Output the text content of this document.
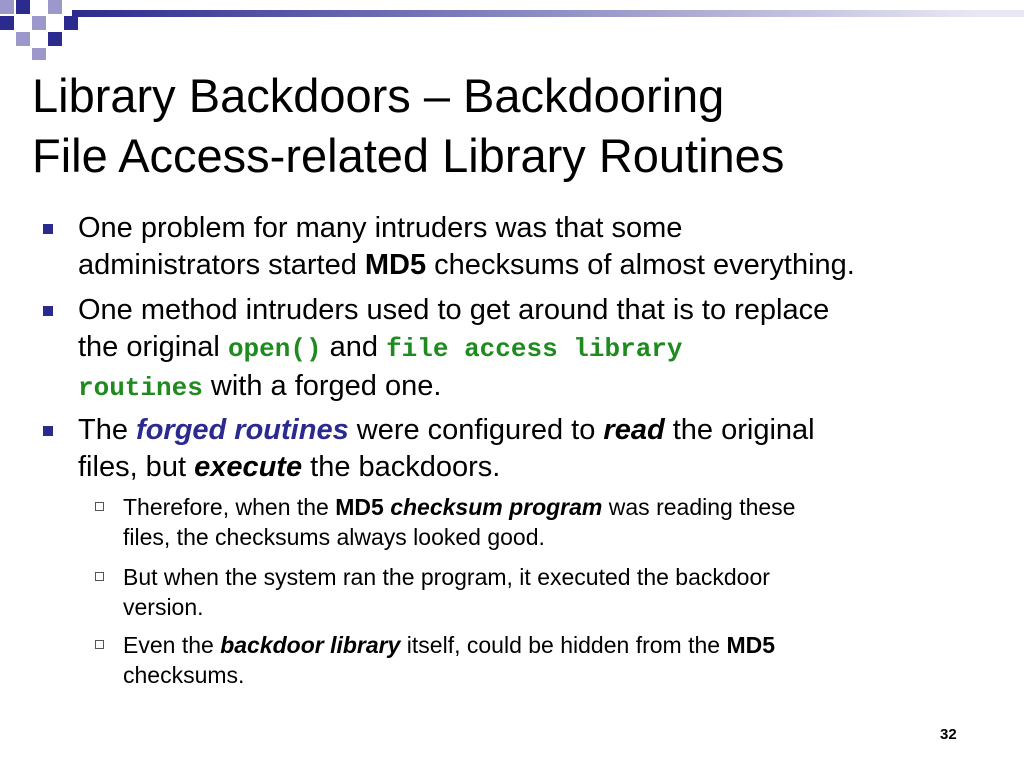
Library Backdoors – Backdooring
File Access-related Library Routines
One problem for many intruders was that some
administrators started MD5 checksums of almost everything.
One method intruders used to get around that is to replace
the original open() and file access library
routines with a forged one.
The forged routines were configured to read the original
files, but execute the backdoors.
Therefore, when the MD5 checksum program was reading these
files, the checksums always looked good.
But when the system ran the program, it executed the backdoor
version.
Even the backdoor library itself, could be hidden from the MD5
checksums.
32
